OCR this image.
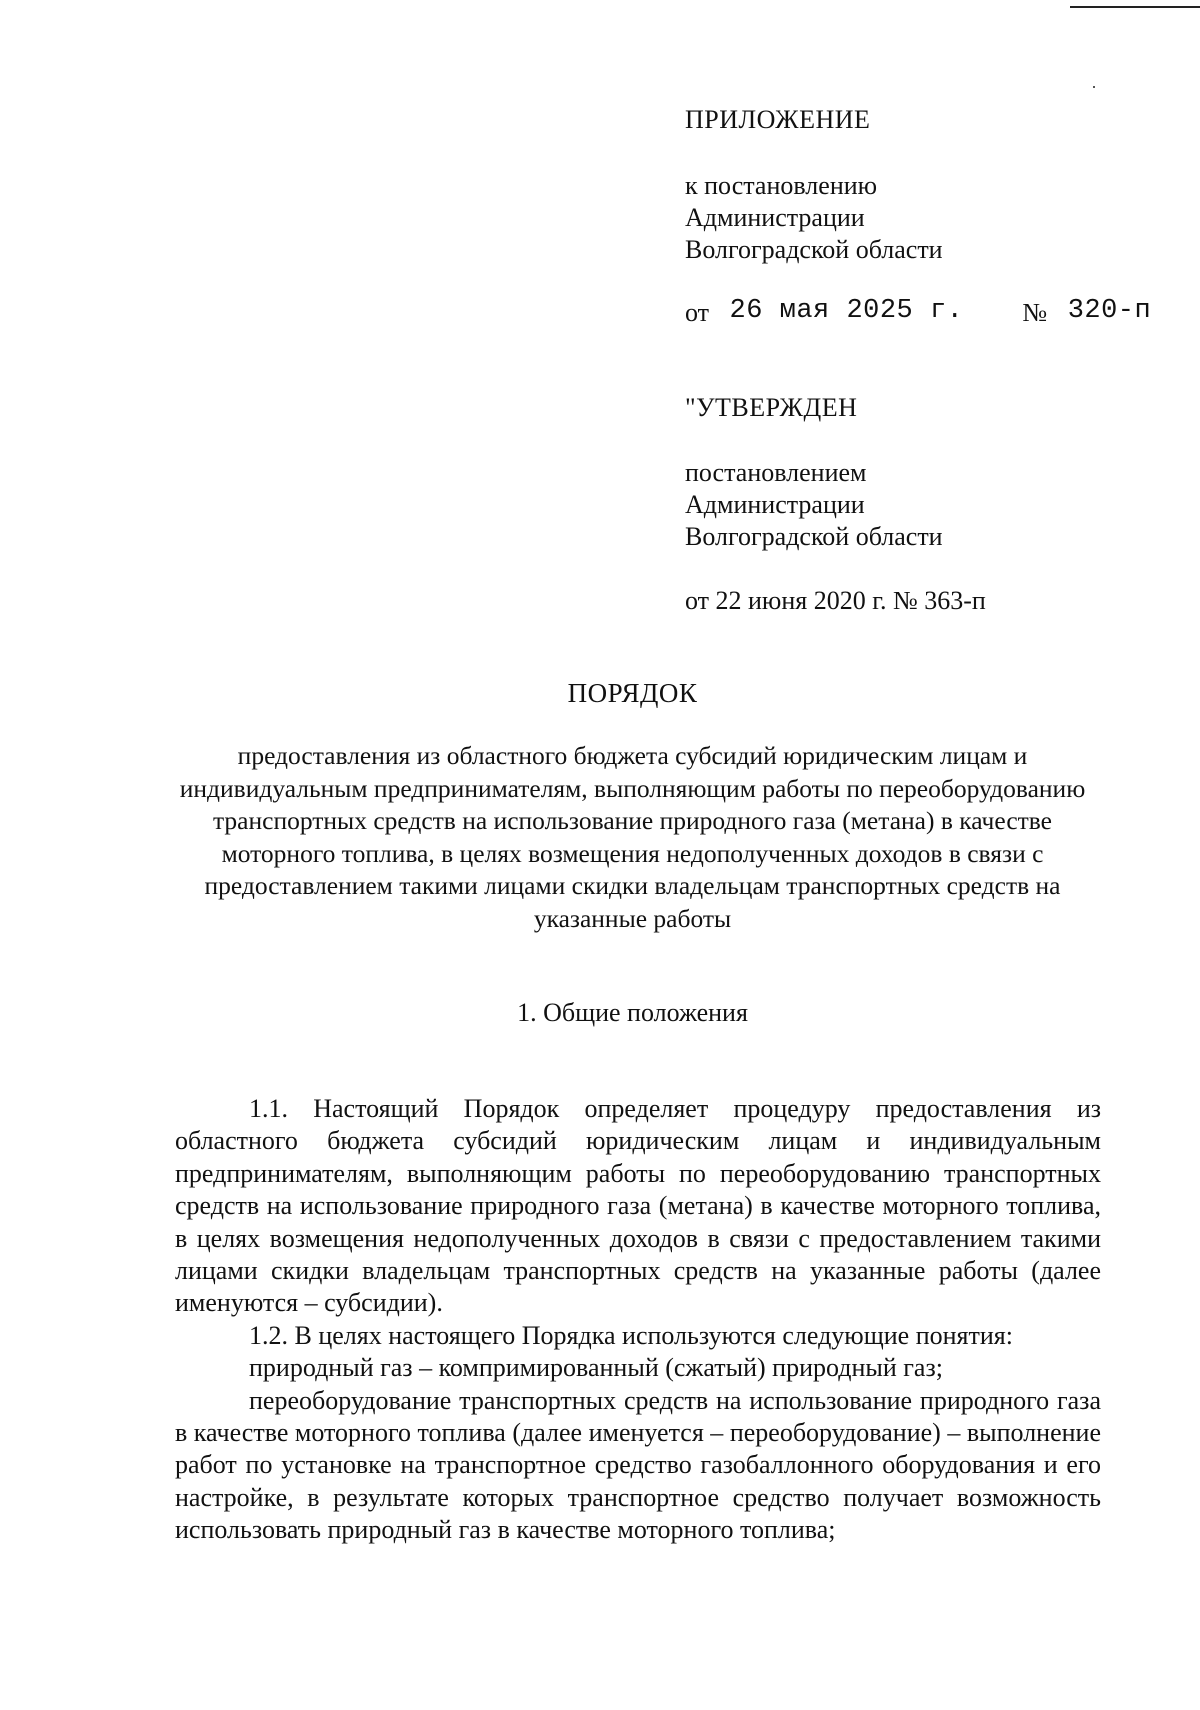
ПРИЛОЖЕНИЕ
к постановлению
Администрации
Волгоградской области
от 26 мая 2025 г. № 320-п
"УТВЕРЖДЕН
постановлением
Администрации
Волгоградской области
от 22 июня 2020 г. № 363-п
ПОРЯДОК
предоставления из областного бюджета субсидий юридическим лицам и индивидуальным предпринимателям, выполняющим работы по переоборудованию транспортных средств на использование природного газа (метана) в качестве моторного топлива, в целях возмещения недополученных доходов в связи с предоставлением такими лицами скидки владельцам транспортных средств на указанные работы
1. Общие положения

1.1. Настоящий Порядок определяет процедуру предоставления из областного бюджета субсидий юридическим лицам и индивидуальным предпринимателям, выполняющим работы по переоборудованию транспортных средств на использование природного газа (метана) в качестве моторного топлива, в целях возмещения недополученных доходов в связи с предоставлением такими лицами скидки владельцам транспортных средств на указанные работы (далее именуются – субсидии).

1.2. В целях настоящего Порядка используются следующие понятия:

природный газ – компримированный (сжатый) природный газ;

переоборудование транспортных средств на использование природного газа в качестве моторного топлива (далее именуется – переоборудование) – выполнение работ по установке на транспортное средство газобаллонного оборудования и его настройке, в результате которых транспортное средство получает возможность использовать природный газ в качестве моторного топлива;
